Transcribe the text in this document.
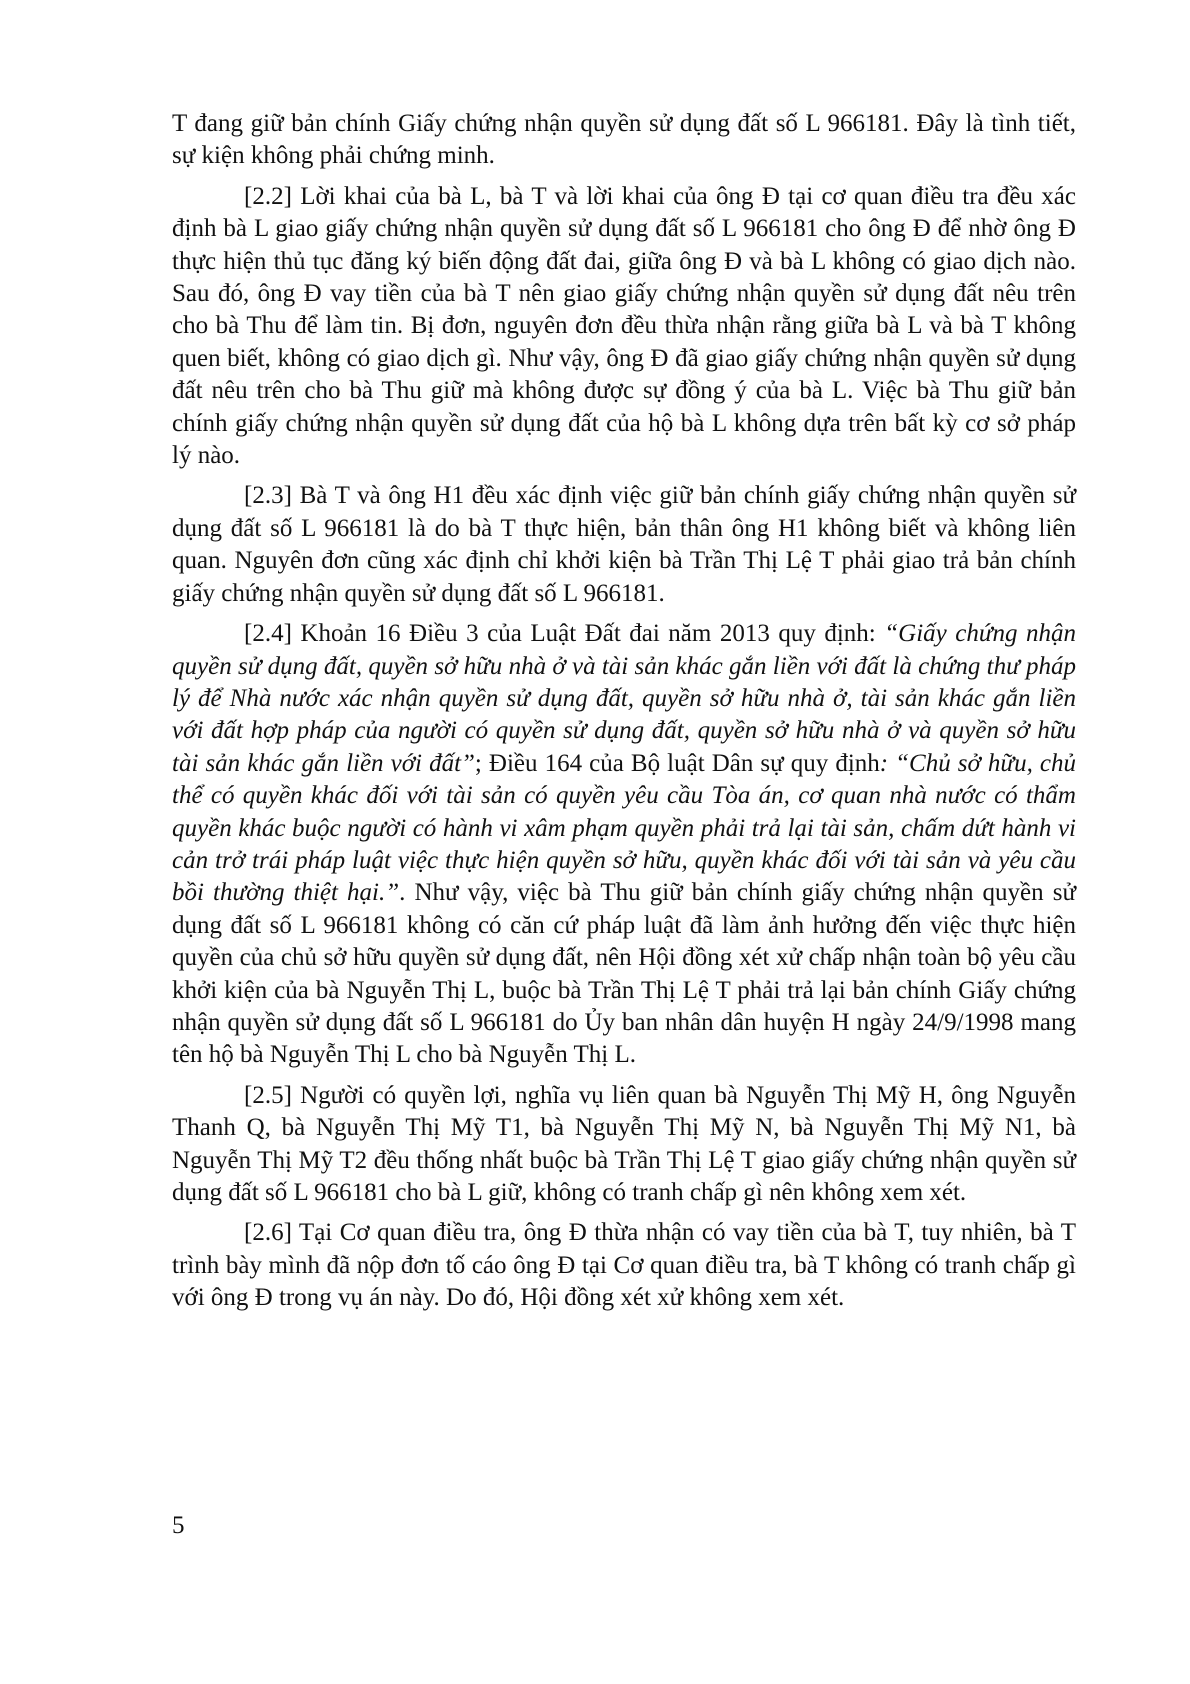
T đang giữ bản chính Giấy chứng nhận quyền sử dụng đất số L 966181. Đây là tình tiết, sự kiện không phải chứng minh.

[2.2] Lời khai của bà L, bà T và lời khai của ông Đ tại cơ quan điều tra đều xác định bà L giao giấy chứng nhận quyền sử dụng đất số L 966181 cho ông Đ để nhờ ông Đ thực hiện thủ tục đăng ký biến động đất đai, giữa ông Đ và bà L không có giao dịch nào. Sau đó, ông Đ vay tiền của bà T nên giao giấy chứng nhận quyền sử dụng đất nêu trên cho bà Thu để làm tin. Bị đơn, nguyên đơn đều thừa nhận rằng giữa bà L và bà T không quen biết, không có giao dịch gì. Như vậy, ông Đ đã giao giấy chứng nhận quyền sử dụng đất nêu trên cho bà Thu giữ mà không được sự đồng ý của bà L. Việc bà Thu giữ bản chính giấy chứng nhận quyền sử dụng đất của hộ bà L không dựa trên bất kỳ cơ sở pháp lý nào.

[2.3] Bà T và ông H1 đều xác định việc giữ bản chính giấy chứng nhận quyền sử dụng đất số L 966181 là do bà T thực hiện, bản thân ông H1 không biết và không liên quan. Nguyên đơn cũng xác định chỉ khởi kiện bà Trần Thị Lệ T phải giao trả bản chính giấy chứng nhận quyền sử dụng đất số L 966181.

[2.4] Khoản 16 Điều 3 của Luật Đất đai năm 2013 quy định: “Giấy chứng nhận quyền sử dụng đất, quyền sở hữu nhà ở và tài sản khác gắn liền với đất là chứng thư pháp lý để Nhà nước xác nhận quyền sử dụng đất, quyền sở hữu nhà ở, tài sản khác gắn liền với đất hợp pháp của người có quyền sử dụng đất, quyền sở hữu nhà ở và quyền sở hữu tài sản khác gắn liền với đất”; Điều 164 của Bộ luật Dân sự quy định: “Chủ sở hữu, chủ thể có quyền khác đối với tài sản có quyền yêu cầu Tòa án, cơ quan nhà nước có thẩm quyền khác buộc người có hành vi xâm phạm quyền phải trả lại tài sản, chấm dứt hành vi cản trở trái pháp luật việc thực hiện quyền sở hữu, quyền khác đối với tài sản và yêu cầu bồi thường thiệt hại.”. Như vậy, việc bà Thu giữ bản chính giấy chứng nhận quyền sử dụng đất số L 966181 không có căn cứ pháp luật đã làm ảnh hưởng đến việc thực hiện quyền của chủ sở hữu quyền sử dụng đất, nên Hội đồng xét xử chấp nhận toàn bộ yêu cầu khởi kiện của bà Nguyễn Thị L, buộc bà Trần Thị Lệ T phải trả lại bản chính Giấy chứng nhận quyền sử dụng đất số L 966181 do Ủy ban nhân dân huyện H ngày 24/9/1998 mang tên hộ bà Nguyễn Thị L cho bà Nguyễn Thị L.

[2.5] Người có quyền lợi, nghĩa vụ liên quan bà Nguyễn Thị Mỹ H, ông Nguyễn Thanh Q, bà Nguyễn Thị Mỹ T1, bà Nguyễn Thị Mỹ N, bà Nguyễn Thị Mỹ N1, bà Nguyễn Thị Mỹ T2 đều thống nhất buộc bà Trần Thị Lệ T giao giấy chứng nhận quyền sử dụng đất số L 966181 cho bà L giữ, không có tranh chấp gì nên không xem xét.

[2.6] Tại Cơ quan điều tra, ông Đ thừa nhận có vay tiền của bà T, tuy nhiên, bà T trình bày mình đã nộp đơn tố cáo ông Đ tại Cơ quan điều tra, bà T không có tranh chấp gì với ông Đ trong vụ án này. Do đó, Hội đồng xét xử không xem xét.

5
